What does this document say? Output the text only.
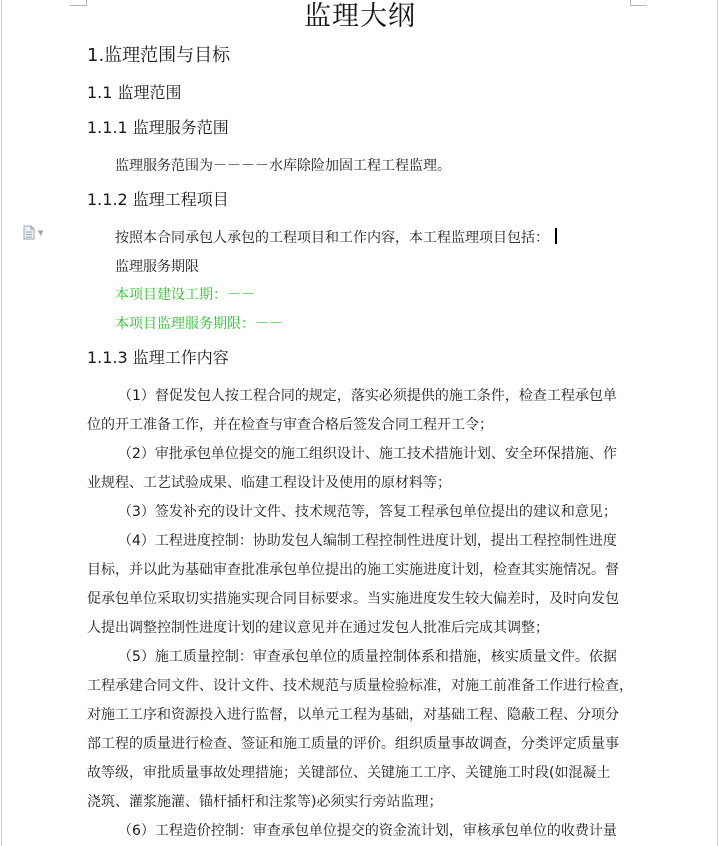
▼
监理大纲
1.监理范围与目标
1.1 监理范围
1.1.1 监理服务范围
监理服务范围为－－－－水库除险加固工程工程监理。
1.1.2 监理工程项目
按照本合同承包人承包的工程项目和工作内容，本工程监理项目包括：
监理服务期限
本项目建设工期：－－
本项目监理服务期限：－－
1.1.3 监理工作内容
（1）督促发包人按工程合同的规定，落实必须提供的施工条件，检查工程承包单
位的开工准备工作，并在检查与审查合格后签发合同工程开工令；
（2）审批承包单位提交的施工组织设计、施工技术措施计划、安全环保措施、作
业规程、工艺试验成果、临建工程设计及使用的原材料等；
（3）签发补充的设计文件、技术规范等，答复工程承包单位提出的建议和意见；
（4）工程进度控制：协助发包人编制工程控制性进度计划，提出工程控制性进度
目标，并以此为基础审查批准承包单位提出的施工实施进度计划，检查其实施情况。督
促承包单位采取切实措施实现合同目标要求。当实施进度发生较大偏差时，及时向发包
人提出调整控制性进度计划的建议意见并在通过发包人批准后完成其调整；
（5）施工质量控制：审查承包单位的质量控制体系和措施，核实质量文件。依据
工程承建合同文件、设计文件、技术规范与质量检验标准，对施工前准备工作进行检查，
对施工工序和资源投入进行监督，以单元工程为基础，对基础工程、隐蔽工程、分项分
部工程的质量进行检查、签证和施工质量的评价。组织质量事故调查，分类评定质量事
故等级，审批质量事故处理措施；关键部位、关键施工工序、关键施工时段(如混凝土
浇筑、灌浆施灌、锚杆插杆和注浆等)必须实行旁站监理；
（6）工程造价控制：审查承包单位提交的资金流计划，审核承包单位的收费计量
